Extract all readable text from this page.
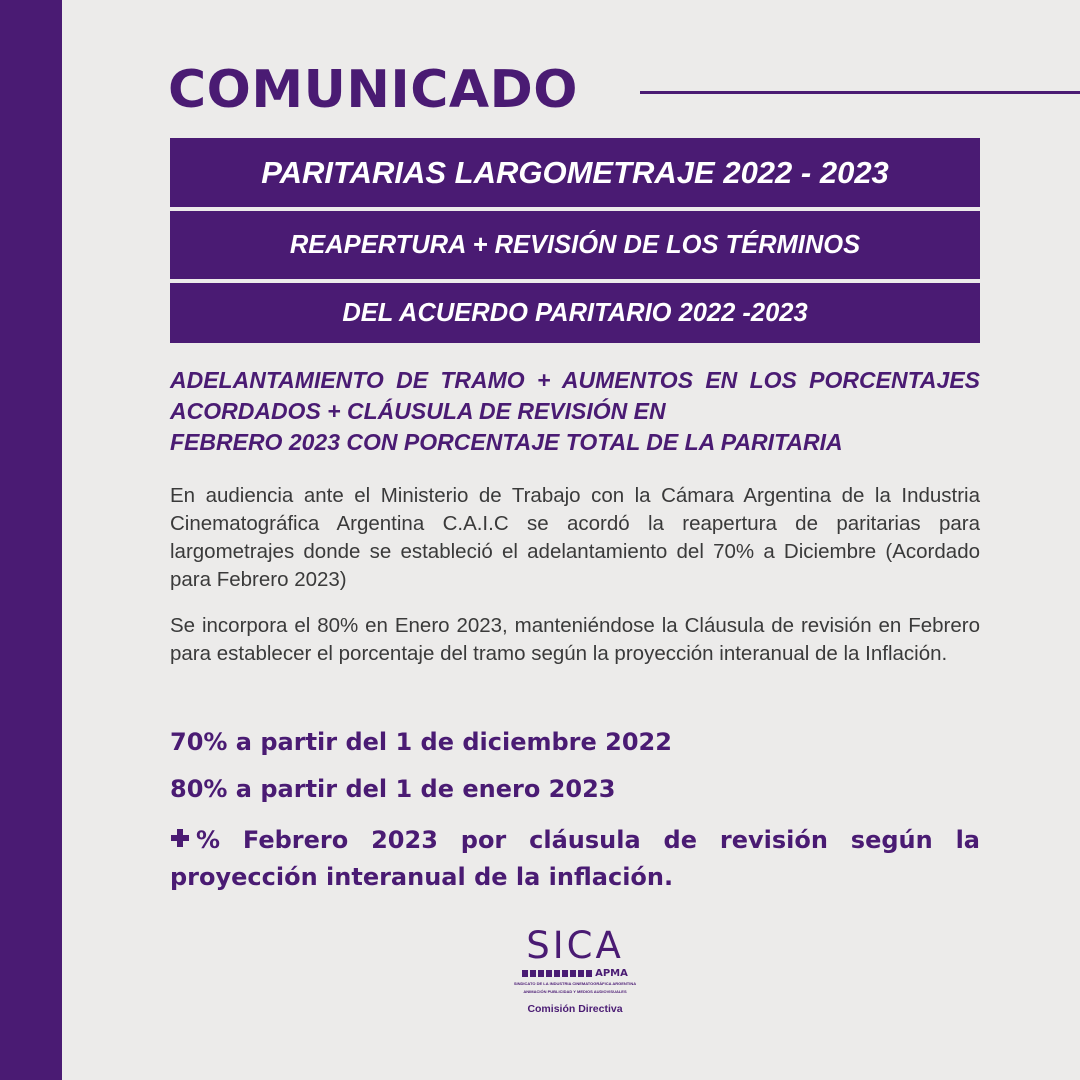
COMUNICADO
PARITARIAS LARGOMETRAJE 2022 - 2023
REAPERTURA + REVISIÓN DE LOS TÉRMINOS
DEL ACUERDO PARITARIO 2022 -2023

ADELANTAMIENTO DE TRAMO + AUMENTOS EN LOS PORCENTAJES ACORDADOS + CLÁUSULA DE REVISIÓN EN
FEBRERO 2023 CON PORCENTAJE TOTAL DE LA PARITARIA

En audiencia ante el Ministerio de Trabajo con la Cámara Argentina de la Industria Cinematográfica Argentina C.A.I.C se acordó la reapertura de paritarias para largometrajes donde se estableció el adelantamiento del 70% a Diciembre (Acordado para Febrero 2023)

Se incorpora el 80% en Enero 2023, manteniéndose la Cláusula de revisión en Febrero para establecer el porcentaje del tramo según la proyección interanual de la Inflación.

70% a partir del 1 de diciembre 2022

80% a partir del 1 de enero 2023

% Febrero 2023 por cláusula de revisión según la proyección interanual de la inflación.

SICA
APMA
SINDICATO DE LA INDUSTRIA CINEMATOGRÁFICA ARGENTINA
ANIMACIÓN PUBLICIDAD Y MEDIOS AUDIOVISUALES
Comisión Directiva
